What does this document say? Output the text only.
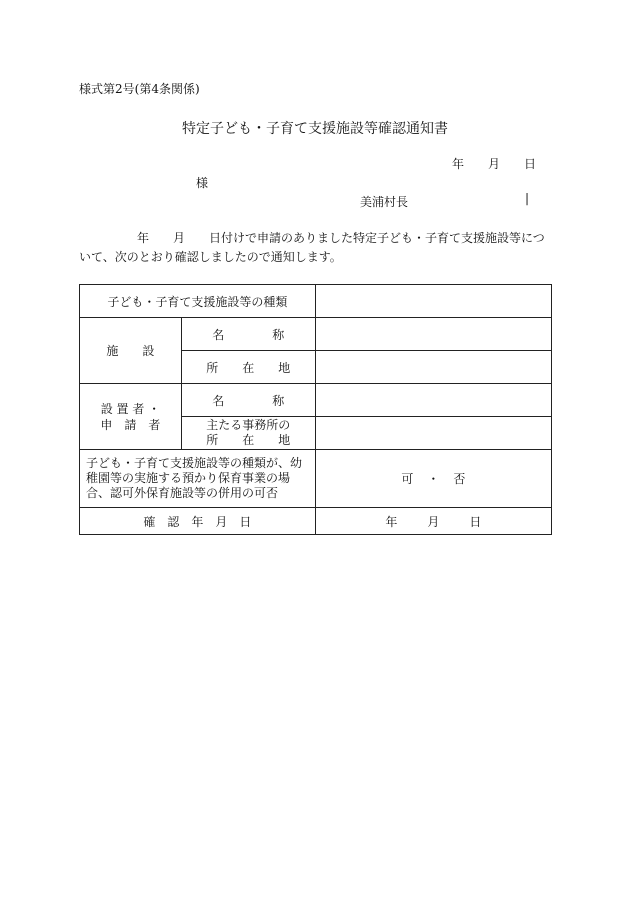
様式第2号(第4条関係)
特定子ども・子育て支援施設等確認通知書
年 月 日
様
美浦村長	|
年 月 日付けで申請のありました特定子ども・子育て支援施設等について、次のとおり確認しましたので通知します。
子ども・子育て支援施設等の種類		
施　　設	名　　　　称	
	所　　在　　地	

設 置 者 ・
申　請　者	名　　　　称	

	主たる事務所の
所　　在　　地	

子ども・子育て支援施設等の種類が、幼稚園等の実施する預かり保育事業の場合、認可外保育施設等の併用の可否		可 ・ 否
確　認　年　月　日		年 月 日
